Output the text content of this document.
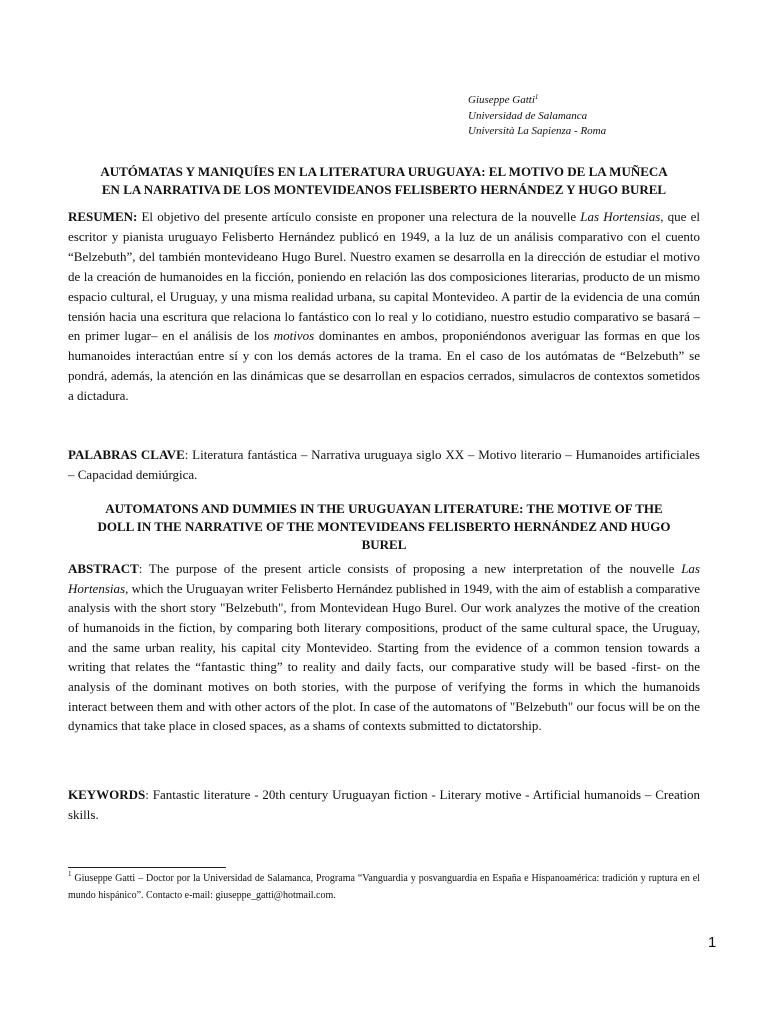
Giuseppe Gatti$^1$
Universidad de Salamanca
Università La Sapienza - Roma
AUTÓMATAS Y MANIQUÍES EN LA LITERATURA URUGUAYA: EL MOTIVO DE LA MUÑECA
EN LA NARRATIVA DE LOS MONTEVIDEANOS FELISBERTO HERNÁNDEZ Y HUGO BUREL
RESUMEN: El objetivo del presente artículo consiste en proponer una relectura de la nouvelle Las Hortensias, que el escritor y pianista uruguayo Felisberto Hernández publicó en 1949, a la luz de un análisis comparativo con el cuento “Belzebuth”, del también montevideano Hugo Burel. Nuestro examen se desarrolla en la dirección de estudiar el motivo de la creación de humanoides en la ficción, poniendo en relación las dos composiciones literarias, producto de un mismo espacio cultural, el Uruguay, y una misma realidad urbana, su capital Montevideo. A partir de la evidencia de una común tensión hacia una escritura que relaciona lo fantástico con lo real y lo cotidiano, nuestro estudio comparativo se basará –en primer lugar– en el análisis de los motivos dominantes en ambos, proponiéndonos averiguar las formas en que los humanoides interactúan entre sí y con los demás actores de la trama. En el caso de los autómatas de “Belzebuth” se pondrá, además, la atención en las dinámicas que se desarrollan en espacios cerrados, simulacros de contextos sometidos a dictadura.
PALABRAS CLAVE: Literatura fantástica – Narrativa uruguaya siglo XX – Motivo literario – Humanoides artificiales – Capacidad demiúrgica.
AUTOMATONS AND DUMMIES IN THE URUGUAYAN LITERATURE: THE MOTIVE OF THE
DOLL IN THE NARRATIVE OF THE MONTEVIDEANS FELISBERTO HERNÁNDEZ AND HUGO
BUREL
ABSTRACT: The purpose of the present article consists of proposing a new interpretation of the nouvelle Las Hortensias, which the Uruguayan writer Felisberto Hernández published in 1949, with the aim of establish a comparative analysis with the short story "Belzebuth", from Montevidean Hugo Burel. Our work analyzes the motive of the creation of humanoids in the fiction, by comparing both literary compositions, product of the same cultural space, the Uruguay, and the same urban reality, his capital city Montevideo. Starting from the evidence of a common tension towards a writing that relates the “fantastic thing” to reality and daily facts, our comparative study will be based -first- on the analysis of the dominant motives on both stories, with the purpose of verifying the forms in which the humanoids interact between them and with other actors of the plot. In case of the automatons of "Belzebuth" our focus will be on the dynamics that take place in closed spaces, as a shams of contexts submitted to dictatorship.
KEYWORDS: Fantastic literature - 20th century Uruguayan fiction - Literary motive - Artificial humanoids – Creation skills.
$^1$ Giuseppe Gatti – Doctor por la Universidad de Salamanca, Programa “Vanguardia y posvanguardia en España e Hispanoamérica: tradición y ruptura en el mundo hispánico”. Contacto e-mail: giuseppe_gatti@hotmail.com.
1
